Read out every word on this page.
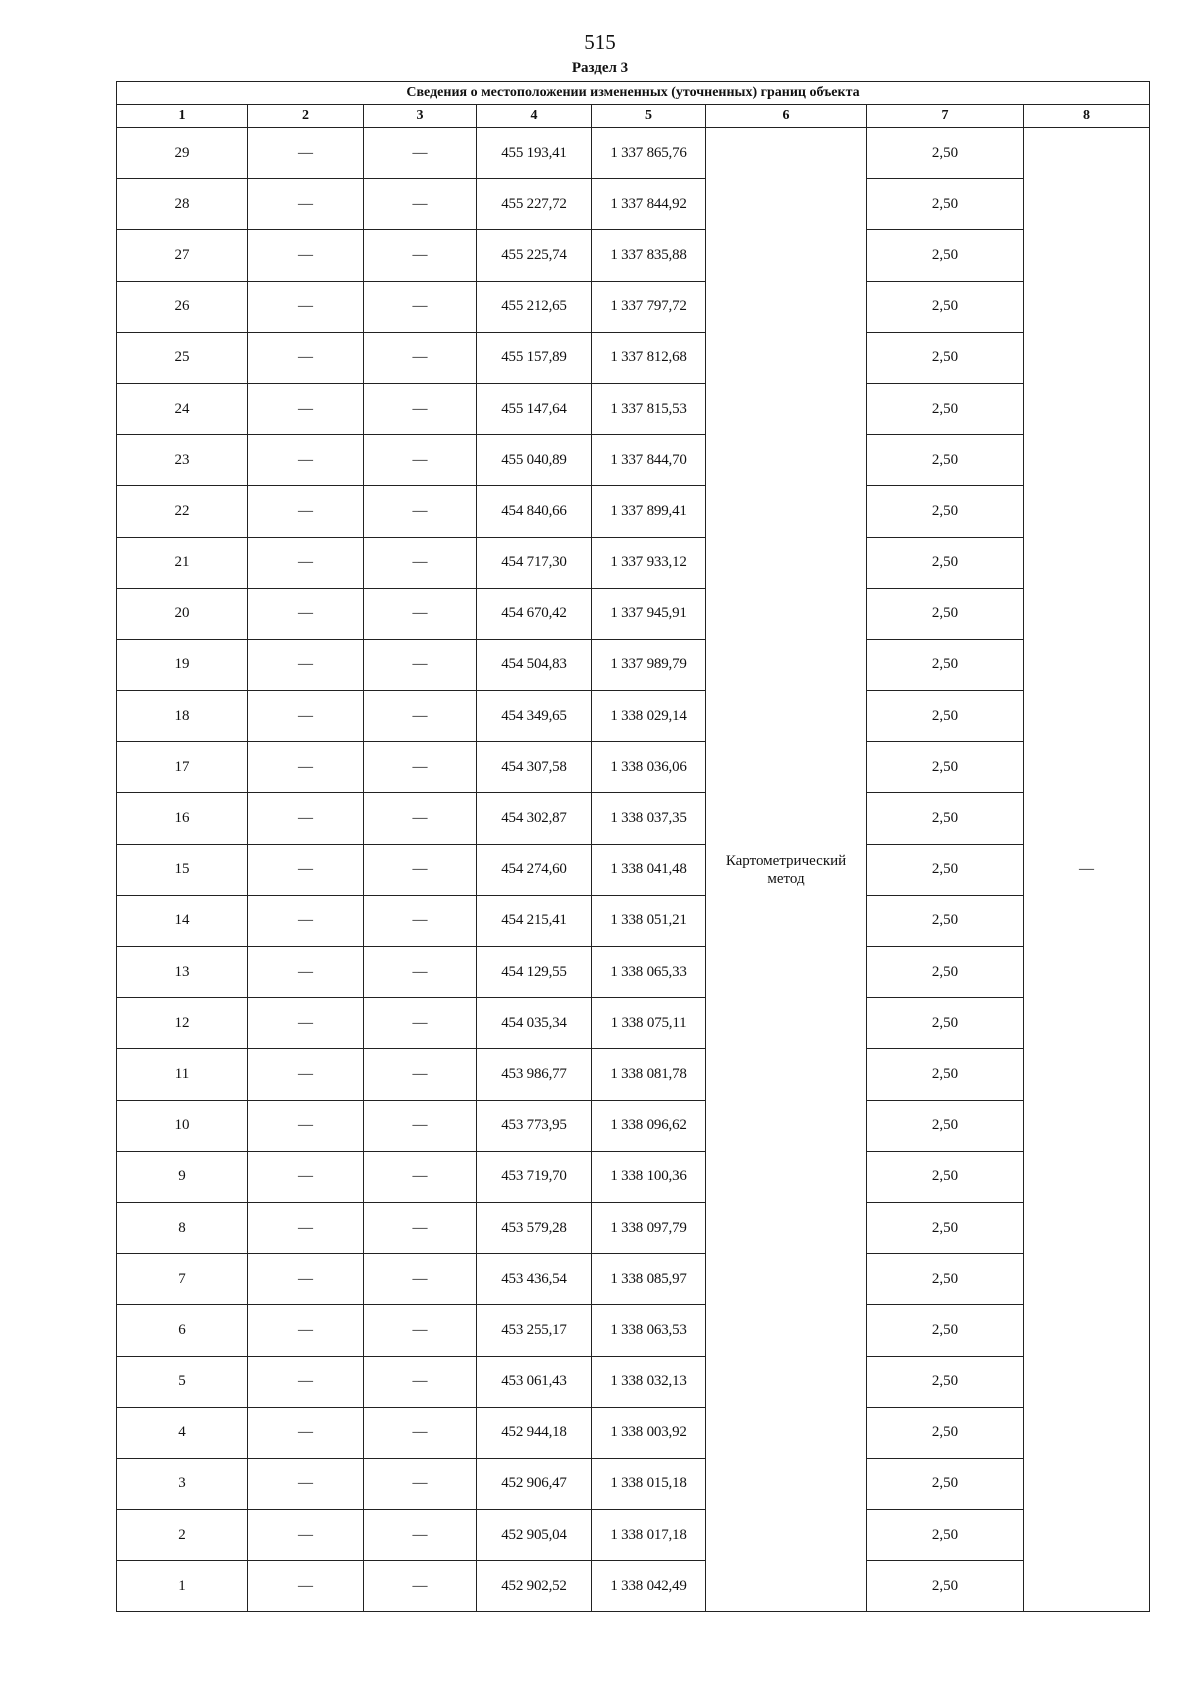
515
Раздел 3
Сведения о местоположении измененных (уточненных) границ объекта							
1	2	3	4	5	6	7	8
29	—	—	455 193,41	1 337 865,76	Картометрический метод	2,50	—
28	—	—	455 227,72	1 337 844,92		2,50	
27	—	—	455 225,74	1 337 835,88		2,50	
26	—	—	455 212,65	1 337 797,72		2,50	
25	—	—	455 157,89	1 337 812,68		2,50	
24	—	—	455 147,64	1 337 815,53		2,50	
23	—	—	455 040,89	1 337 844,70		2,50	
22	—	—	454 840,66	1 337 899,41		2,50	
21	—	—	454 717,30	1 337 933,12		2,50	
20	—	—	454 670,42	1 337 945,91		2,50	
19	—	—	454 504,83	1 337 989,79		2,50	
18	—	—	454 349,65	1 338 029,14		2,50	
17	—	—	454 307,58	1 338 036,06		2,50	
16	—	—	454 302,87	1 338 037,35		2,50	
15	—	—	454 274,60	1 338 041,48		2,50	
14	—	—	454 215,41	1 338 051,21		2,50	
13	—	—	454 129,55	1 338 065,33		2,50	
12	—	—	454 035,34	1 338 075,11		2,50	
11	—	—	453 986,77	1 338 081,78		2,50	
10	—	—	453 773,95	1 338 096,62		2,50	
9	—	—	453 719,70	1 338 100,36		2,50	
8	—	—	453 579,28	1 338 097,79		2,50	
7	—	—	453 436,54	1 338 085,97		2,50	
6	—	—	453 255,17	1 338 063,53		2,50	
5	—	—	453 061,43	1 338 032,13		2,50	
4	—	—	452 944,18	1 338 003,92		2,50	
3	—	—	452 906,47	1 338 015,18		2,50	
2	—	—	452 905,04	1 338 017,18		2,50	
1	—	—	452 902,52	1 338 042,49		2,50	
